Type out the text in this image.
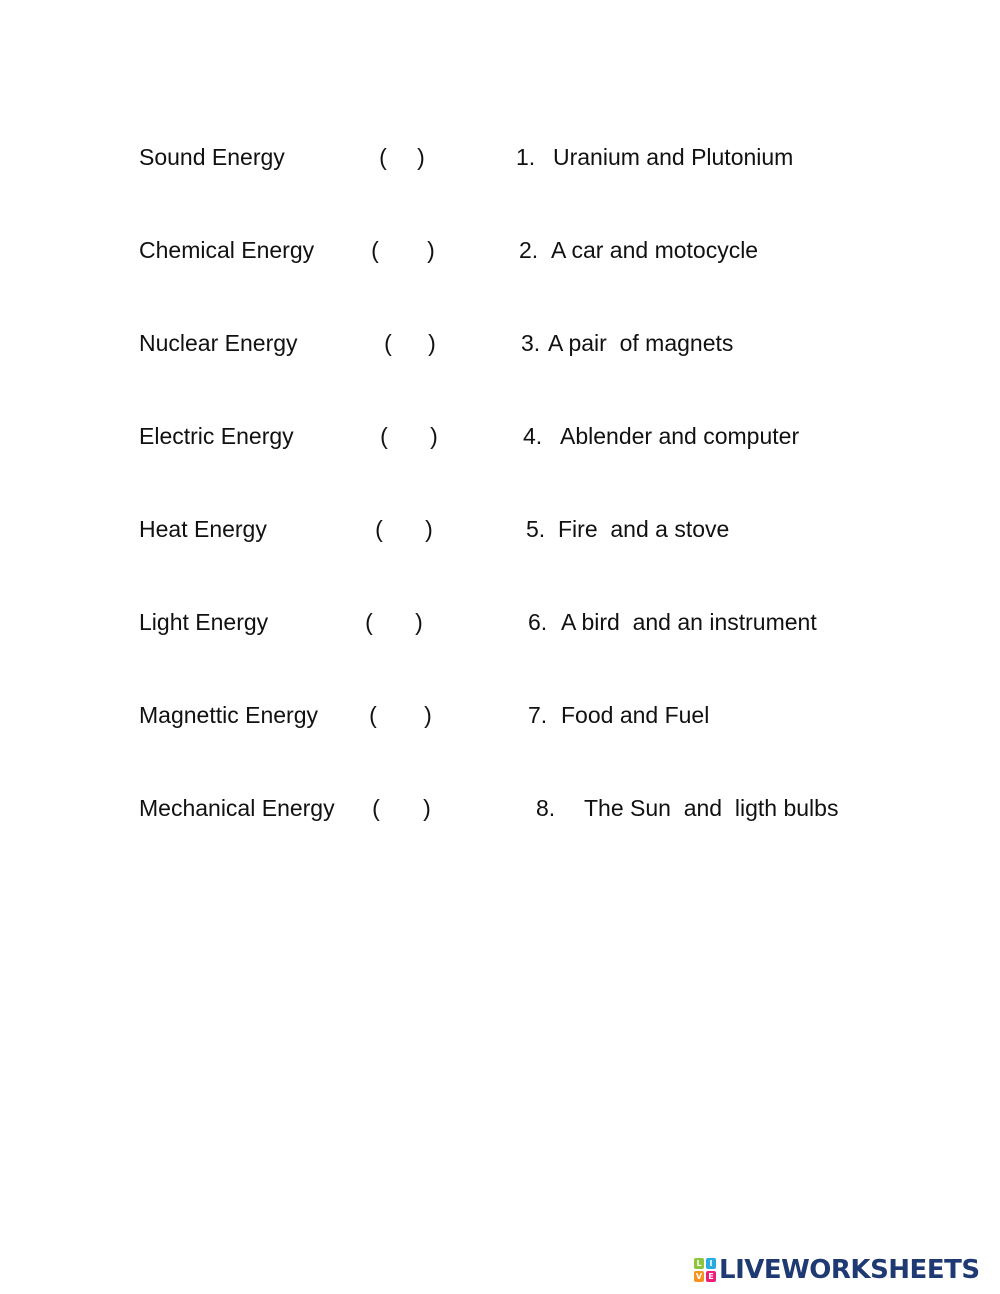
Sound Energy	( )	1. Uranium and Plutonium
Chemical Energy ( )	2. A car and motocycle
Nuclear Energy	( )	3. A pair  of magnets
Electric Energy	( )	4. Ablender and computer
Heat Energy	( )	5. Fire  and a stove
Light Energy	( )	6. A bird  and an instrument
Magnettic Energy ( )	7. Food and Fuel
Mechanical Energy ( )	8. The Sun  and  ligth bulbs
L I
V E LIVEWORKSHEETS
